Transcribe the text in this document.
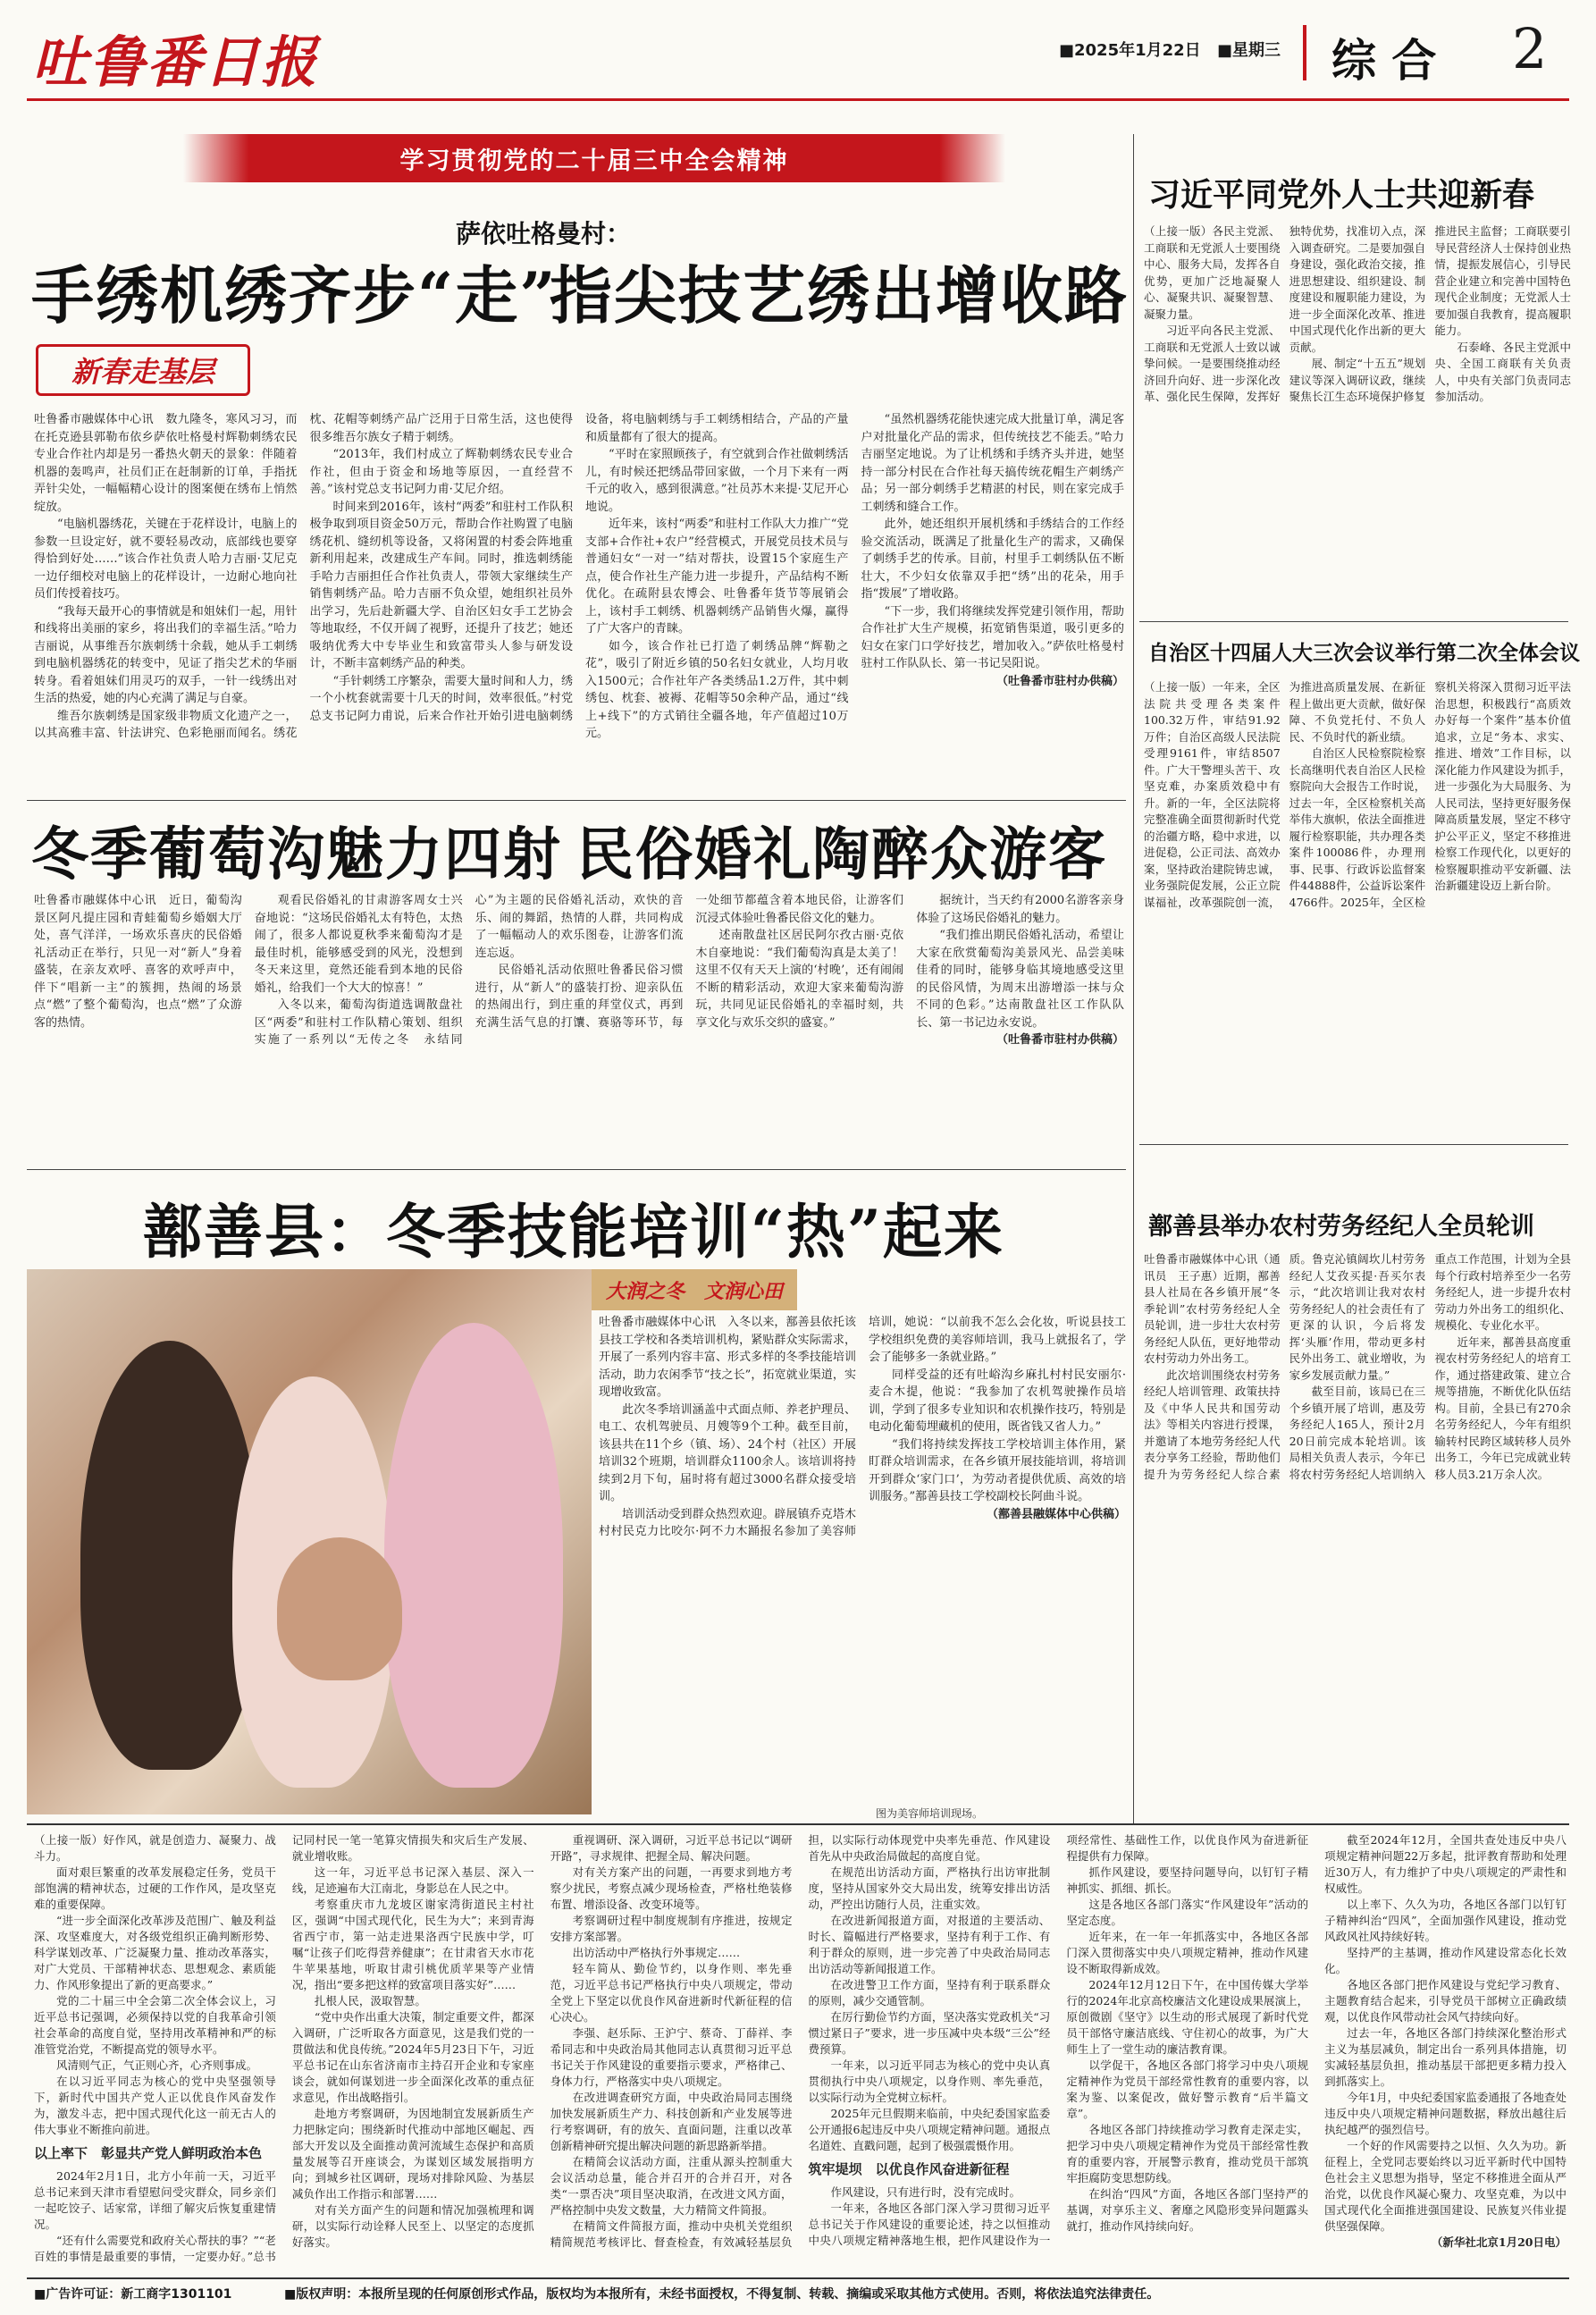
吐鲁番日报	■2025年1月22日 ■星期三 综 合 2
学习贯彻党的二十届三中全会精神
萨依吐格曼村：
手绣机绣齐步“走”
指尖技艺绣出增收路
新春走基层

吐鲁番市融媒体中心讯　数九隆冬，寒风习习，而在托克逊县郭勒布依乡萨依吐格曼村辉勒刺绣农民专业合作社内却是另一番热火朝天的景象：伴随着机器的轰鸣声，社员们正在赶制新的订单，手指抚弄针尖处，一幅幅精心设计的图案便在绣布上悄然绽放。

“电脑机器绣花，关键在于花样设计，电脑上的参数一旦设定好，就不要轻易改动，底部线也要穿得恰到好处……”该合作社负责人哈力吉丽·艾尼克一边仔细校对电脑上的花样设计，一边耐心地向社员们传授着技巧。

“我每天最开心的事情就是和姐妹们一起，用针和线将出美丽的家乡，将出我们的幸福生活。”哈力吉丽说，从事维吾尔族刺绣十余载，她从手工刺绣到电脑机器绣花的转变中，见证了指尖艺术的华丽转身。看着姐妹们用灵巧的双手，一针一线绣出对生活的热爱，她的内心充满了满足与自豪。

维吾尔族刺绣是国家级非物质文化遗产之一，以其高雅丰富、针法讲究、色彩艳丽而闻名。绣花枕、花帽等刺绣产品广泛用于日常生活，这也使得很多维吾尔族女子精于刺绣。

“2013年，我们村成立了辉勒刺绣农民专业合作社，但由于资金和场地等原因，一直经营不善。”该村党总支书记阿力甫·艾尼介绍。

时间来到2016年，该村“两委”和驻村工作队积极争取到项目资金50万元，帮助合作社购置了电脑绣花机、缝纫机等设备，又将闲置的村委会阵地重新利用起来，改建成生产车间。同时，推选刺绣能手哈力吉丽担任合作社负责人，带领大家继续生产销售刺绣产品。哈力吉丽不负众望，她组织社员外出学习，先后赴新疆大学、自治区妇女手工艺协会等地取经，不仅开阔了视野，还提升了技艺；她还吸纳优秀大中专毕业生和致富带头人参与研发设计，不断丰富刺绣产品的种类。

“手针刺绣工序繁杂，需要大量时间和人力，绣一个小枕套就需要十几天的时间，效率很低。”村党总支书记阿力甫说，后来合作社开始引进电脑刺绣设备，将电脑刺绣与手工刺绣相结合，产品的产量和质量都有了很大的提高。

“平时在家照顾孩子，有空就到合作社做刺绣活儿，有时候还把绣品带回家做，一个月下来有一两千元的收入，感到很满意。”社员苏木来提·艾尼开心地说。

近年来，该村“两委”和驻村工作队大力推广“党支部+合作社+农户”经营模式，开展党员技术员与普通妇女“一对一”结对帮扶，设置15个家庭生产点，使合作社生产能力进一步提升，产品结构不断优化。在疏附县农博会、吐鲁番年货节等展销会上，该村手工刺绣、机器刺绣产品销售火爆，赢得了广大客户的青睐。

如今，该合作社已打造了刺绣品牌“辉勒之花”，吸引了附近乡镇的50名妇女就业，人均月收入1500元；合作社年产各类绣品1.2万件，其中刺绣包、枕套、被褥、花帽等50余种产品，通过“线上+线下”的方式销往全疆各地，年产值超过10万元。

“虽然机器绣花能快速完成大批量订单，满足客户对批量化产品的需求，但传统技艺不能丢。”哈力吉丽坚定地说。为了让机绣和手绣齐头并进，她坚持一部分村民在合作社每天搞传统花帽生产刺绣产品；另一部分刺绣手艺精湛的村民，则在家完成手工刺绣和缝合工作。

此外，她还组织开展机绣和手绣结合的工作经验交流活动，既满足了批量化生产的需求，又确保了刺绣手艺的传承。目前，村里手工刺绣队伍不断壮大，不少妇女依靠双手把“绣”出的花朵，用手指“拨展”了增收路。

“下一步，我们将继续发挥党建引领作用，帮助合作社扩大生产规模，拓宽销售渠道，吸引更多的妇女在家门口学好技艺，增加收入。”萨依吐格曼村驻村工作队队长、第一书记吴阳说。

（吐鲁番市驻村办供稿）

冬季葡萄沟魅力四射 民俗婚礼陶醉众游客

吐鲁番市融媒体中心讯　近日，葡萄沟景区阿凡提庄园和青蛙葡萄乡婚姻大厅处，喜气洋洋，一场欢乐喜庆的民俗婚礼活动正在举行，只见一对“新人”身着盛装，在亲友欢呼、喜客的欢呼声中，伴下“唱新一主”的簇拥，热闹的场景点“燃”了整个葡萄沟，也点“燃”了众游客的热情。

观看民俗婚礼的甘肃游客周女士兴奋地说：“这场民俗婚礼太有特色，太热闹了，很多人都说夏秋季来葡萄沟才是最佳时机，能够感受到的风光，没想到冬天来这里，竟然还能看到本地的民俗婚礼，给我们一个大大的惊喜！”

入冬以来，葡萄沟街道选调散盘社区“两委”和驻村工作队精心策划、组织实施了一系列以“无传之冬　永结同心”为主题的民俗婚礼活动，欢快的音乐、闹的舞蹈，热情的人群，共同构成了一幅幅动人的欢乐图卷，让游客们流连忘返。

民俗婚礼活动依照吐鲁番民俗习惯进行，从“新人”的盛装打扮、迎亲队伍的热闹出行，到庄重的拜堂仪式，再到充满生活气息的打馕、赛骆等环节，每一处细节都蕴含着本地民俗，让游客们沉浸式体验吐鲁番民俗文化的魅力。

述南散盘社区居民阿尔孜古丽·克依木自豪地说：“我们葡萄沟真是太美了！这里不仅有天天上演的‘村晚’，还有闹闹不断的精彩活动，欢迎大家来葡萄沟游玩，共同见证民俗婚礼的幸福时刻，共享文化与欢乐交织的盛宴。”

据统计，当天约有2000名游客亲身体验了这场民俗婚礼的魅力。

“我们推出期民俗婚礼活动，希望让大家在欣赏葡萄沟美景风光、品尝美味佳肴的同时，能够身临其境地感受这里的民俗风情，为周末出游增添一抹与众不同的色彩。”达南散盘社区工作队队长、第一书记边永安说。

（吐鲁番市驻村办供稿）

鄯善县：冬季技能培训“热”起来
大润之冬　文润心田

吐鲁番市融媒体中心讯　入冬以来，鄯善县依托该县技工学校和各类培训机构，紧贴群众实际需求，开展了一系列内容丰富、形式多样的冬季技能培训活动，助力农闲季节“技之长”，拓宽就业渠道，实现增收致富。

此次冬季培训涵盖中式面点师、养老护理员、电工、农机驾驶员、月嫂等9个工种。截至目前，该县共在11个乡（镇、场）、24个村（社区）开展培训32个班期，培训群众1100余人。该培训将持续到2月下旬，届时将有超过3000名群众接受培训。

培训活动受到群众热烈欢迎。辟展镇乔克塔木村村民克力比咬尔·阿不力木踊报名参加了美容师培训，她说：“以前我不怎么会化妆，听说县技工学校组织免费的美容师培训，我马上就报名了，学会了能够多一条就业路。”

同样受益的还有吐峪沟乡麻扎村村民安丽尔·麦合木提，他说：“我参加了农机驾驶操作员培训，学到了很多专业知识和农机操作技巧，特别是电动化葡萄埋藏机的使用，既省钱又省人力。”

“我们将持续发挥技工学校培训主体作用，紧盯群众培训需求，在各乡镇开展技能培训，将培训开到群众‘家门口’，为劳动者提供优质、高效的培训服务。”鄯善县技工学校副校长阿曲斗说。

（鄯善县融媒体中心供稿）

图为美容师培训现场。
习近平同党外人士共迎新春

（上接一版）各民主党派、工商联和无党派人士要围绕中心、服务大局，发挥各自优势，更加广泛地凝聚人心、凝聚共识、凝聚智慧、凝聚力量。

习近平向各民主党派、工商联和无党派人士致以诚挚问候。一是要围绕推动经济回升向好、进一步深化改革、强化民生保障，发挥好独特优势，找准切入点，深入调查研究。二是要加强自身建设，强化政治交接，推进思想建设、组织建设、制度建设和履职能力建设，为进一步全面深化改革、推进中国式现代化作出新的更大贡献。

展、制定“十五五”规划建议等深入调研议政，继续聚焦长江生态环境保护修复推进民主监督；工商联要引导民营经济人士保持创业热情，提振发展信心，引导民营企业建立和完善中国特色现代企业制度；无党派人士要加强自我教育，提高履职能力。

石泰峰、各民主党派中央、全国工商联有关负责人，中央有关部门负责同志参加活动。

自治区十四届人大三次会议举行第二次全体会议

（上接一版）一年来，全区法院共受理各类案件100.32万件，审结91.92万件；自治区高级人民法院受理9161件，审结8507件。广大干警埋头苦干、攻坚克难，办案质效稳中有升。新的一年，全区法院将完整准确全面贯彻新时代党的治疆方略，稳中求进，以进促稳，公正司法、高效办案，坚持政治建院铸忠诚，业务强院促发展，公正立院谋福祉，改革强院创一流，为推进高质量发展、在新征程上做出更大贡献，做好保障、不负党托付、不负人民、不负时代的新业绩。

自治区人民检察院检察长高继明代表自治区人民检察院向大会报告工作时说，过去一年，全区检察机关高举伟大旗帜，依法全面推进履行检察职能，共办理各类案件100086件，办理刑事、民事、行政诉讼监督案件44888件，公益诉讼案件4766件。2025年，全区检察机关将深入贯彻习近平法治思想，积极践行“高质效办好每一个案件”基本价值追求，立足“务本、求实、推进、增效”工作目标，以深化能力作风建设为抓手，进一步强化为大局服务、为人民司法，坚持更好服务保障高质量发展，坚定不移守护公平正义，坚定不移推进检察工作现代化，以更好的检察履职推动平安新疆、法治新疆建设迈上新台阶。

鄯善县举办农村劳务经纪人全员轮训

吐鲁番市融媒体中心讯（通讯员　王子惠）近期，鄯善县人社局在各乡镇开展“冬季轮训”农村劳务经纪人全员轮训，进一步壮大农村劳务经纪人队伍，更好地带动农村劳动力外出务工。

此次培训围绕农村劳务经纪人培训管理、政策扶持及《中华人民共和国劳动法》等相关内容进行授课，并邀请了本地劳务经纪人代表分享务工经验，帮助他们提升为劳务经纪人综合素质。鲁克沁镇阔坎儿村劳务经纪人艾孜买提·吾买尔表示，“此次培训让我对农村劳务经纪人的社会责任有了更深的认识，今后将发挥‘头雁’作用，带动更多村民外出务工、就业增收，为家乡发展贡献力量。”

截至目前，该局已在三个乡镇开展了培训，惠及劳务经纪人165人，预计2月20日前完成本轮培训。该局相关负责人表示，今年已将农村劳务经纪人培训纳入重点工作范围，计划为全县每个行政村培养至少一名劳务经纪人，进一步提升农村劳动力外出务工的组织化、规模化、专业化水平。

近年来，鄯善县高度重视农村劳务经纪人的培育工作，通过搭建政策、建立合规等措施，不断优化队伍结构。目前，全县已有270余名劳务经纪人，今年有组织输转村民跨区域转移人员外出务工，今年已完成就业转移人员3.21万余人次。

（上接一版）好作风，就是创造力、凝聚力、战斗力。

面对艰巨繁重的改革发展稳定任务，党员干部饱满的精神状态，过硬的工作作风，是攻坚克难的重要保障。

“进一步全面深化改革涉及范围广、触及利益深、攻坚难度大，对各级党组织正确判断形势、科学谋划改革、广泛凝聚力量、推动改革落实，对广大党员、干部精神状态、思想观念、素质能力、作风形象提出了新的更高要求。”

党的二十届三中全会第二次全体会议上，习近平总书记强调，必须保持以党的自我革命引领社会革命的高度自觉，坚持用改革精神和严的标准管党治党，不断提高党的领导水平。

风清则气正，气正则心齐，心齐则事成。

在以习近平同志为核心的党中央坚强领导下，新时代中国共产党人正以优良作风奋发作为，激发斗志，把中国式现代化这一前无古人的伟大事业不断推向前进。

以上率下　彰显共产党人鲜明政治本色

2024年2月1日，北方小年前一天，习近平总书记来到天津市看望慰问受灾群众，同乡亲们一起吃饺子、话家常，详细了解灾后恢复重建情况。

“还有什么需要党和政府关心帮扶的事？”“老百姓的事情是最重要的事情，一定要办好。”总书记同村民一笔一笔算灾情损失和灾后生产发展、就业增收账。

这一年，习近平总书记深入基层、深入一线，足迹遍布大江南北，身影总在人民之中。

考察重庆市九龙坡区谢家湾街道民主村社区，强调“中国式现代化，民生为大”；来到青海省西宁市，第一站走进果洛西宁民族中学，叮嘱“让孩子们吃得营养健康”；在甘肃省天水市花牛苹果基地，听取甘肃引桃优质苹果等产业情况，指出“要多把这样的致富项目落实好”……

扎根人民，汲取智慧。

“党中央作出重大决策，制定重要文件，都深入调研，广泛听取各方面意见，这是我们党的一贯做法和优良传统。”2024年5月23日下午，习近平总书记在山东省济南市主持召开企业和专家座谈会，就如何谋划进一步全面深化改革的重点征求意见，作出战略指引。

赴地方考察调研，为因地制宜发展新质生产力把脉定向；围绕新时代推动中部地区崛起、西部大开发以及全面推动黄河流域生态保护和高质量发展等召开座谈会，为谋划区域发展指明方向；到城乡社区调研，现场对排除风险、为基层减负作出工作指示和部署……

对有关方面产生的问题和情况加强梳理和调研，以实际行动诠释人民至上、以坚定的态度抓好落实。

重视调研、深入调研，习近平总书记以“调研开路”，寻求规律、把握全局、解决问题。

对有关方案产出的问题，一再要求到地方考察少扰民，考察点减少现场检查，严格杜绝装修布置、增添设备、改变环境等。

考察调研过程中制度规制有序推进，按规定安排方案部署。

出访活动中严格执行外事规定……

轻车简从、勤俭节约，以身作则、率先垂范，习近平总书记严格执行中央八项规定，带动全党上下坚定以优良作风奋进新时代新征程的信心决心。

李强、赵乐际、王沪宁、蔡奇、丁薛祥、李希同志和中央政治局其他同志认真贯彻习近平总书记关于作风建设的重要指示要求，严格律己、身体力行，严格落实中央八项规定。

在改进调查研究方面，中央政治局同志围绕加快发展新质生产力、科技创新和产业发展等进行考察调研，有的放矢、直面问题，注重以改革创新精神研究提出解决问题的新思路新举措。

在精简会议活动方面，注重从源头控制重大会议活动总量，能合并召开的合并召开，对各类“一票否决”项目坚决取消，在改进文风方面，严格控制中央发文数量，大力精简文件简报。

在精简文件简报方面，推动中央机关党组织精简规范考核评比、督查检查，有效减轻基层负担，以实际行动体现党中央率先垂范、作风建设首先从中央政治局做起的高度自觉。

在规范出访活动方面，严格执行出访审批制度，坚持从国家外交大局出发，统筹安排出访活动，严控出访随行人员，注重实效。

在改进新闻报道方面，对报道的主要活动、时长、篇幅进行严格要求，坚持有利于工作、有利于群众的原则，进一步完善了中央政治局同志出访活动等新闻报道工作。

在改进警卫工作方面，坚持有利于联系群众的原则，减少交通管制。

在厉行勤俭节约方面，坚决落实党政机关“习惯过紧日子”要求，进一步压减中央本级“三公”经费预算。

一年来，以习近平同志为核心的党中央认真贯彻执行中央八项规定，以身作则、率先垂范，以实际行动为全党树立标杆。

2025年元旦假期来临前，中央纪委国家监委公开通报6起违反中央八项规定精神问题。通报点名道姓、直戳问题，起到了极强震慑作用。

筑牢堤坝　以优良作风奋进新征程

作风建设，只有进行时，没有完成时。

一年来，各地区各部门深入学习贯彻习近平总书记关于作风建设的重要论述，持之以恒推动中央八项规定精神落地生根，把作风建设作为一项经常性、基础性工作，以优良作风为奋进新征程提供有力保障。

抓作风建设，要坚持问题导向，以钉钉子精神抓实、抓细、抓长。

这是各地区各部门落实“作风建设年”活动的坚定态度。

近年来，在一年一年抓落实中，各地区各部门深入贯彻落实中央八项规定精神，推动作风建设不断取得新成效。

2024年12月12日下午，在中国传媒大学举行的2024年北京高校廉洁文化建设成果展演上，原创微剧《坚守》以生动的形式展现了新时代党员干部恪守廉洁底线、守住初心的故事，为广大师生上了一堂生动的廉洁教育课。

以学促干，各地区各部门将学习中央八项规定精神作为党员干部经常性教育的重要内容，以案为鉴、以案促改，做好警示教育“后半篇文章”。

各地区各部门持续推动学习教育走深走实，把学习中央八项规定精神作为党员干部经常性教育的重要内容，开展警示教育，推动党员干部筑牢拒腐防变思想防线。

在纠治“四风”方面，各地区各部门坚持严的基调，对享乐主义、奢靡之风隐形变异问题露头就打，推动作风持续向好。

截至2024年12月，全国共查处违反中央八项规定精神问题22万多起，批评教育帮助和处理近30万人，有力维护了中央八项规定的严肃性和权威性。

以上率下、久久为功，各地区各部门以钉钉子精神纠治“四风”，全面加强作风建设，推动党风政风社风持续好转。

坚持严的主基调，推动作风建设常态化长效化。

各地区各部门把作风建设与党纪学习教育、主题教育结合起来，引导党员干部树立正确政绩观，以优良作风带动社会风气持续向好。

过去一年，各地区各部门持续深化整治形式主义为基层减负，制定出台一系列具体措施，切实减轻基层负担，推动基层干部把更多精力投入到抓落实上。

今年1月，中央纪委国家监委通报了各地查处违反中央八项规定精神问题数据，释放出越往后执纪越严的强烈信号。

一个好的作风需要持之以恒、久久为功。新征程上，全党同志要始终以习近平新时代中国特色社会主义思想为指导，坚定不移推进全面从严治党，以优良作风凝心聚力、攻坚克难，为以中国式现代化全面推进强国建设、民族复兴伟业提供坚强保障。

（新华社北京1月20日电）

■广告许可证：新工商字1301101	■版权声明：本报所呈现的任何原创形式作品，版权均为本报所有，未经书面授权，不得复制、转载、摘编或采取其他方式使用。否则，将依法追究法律责任。
